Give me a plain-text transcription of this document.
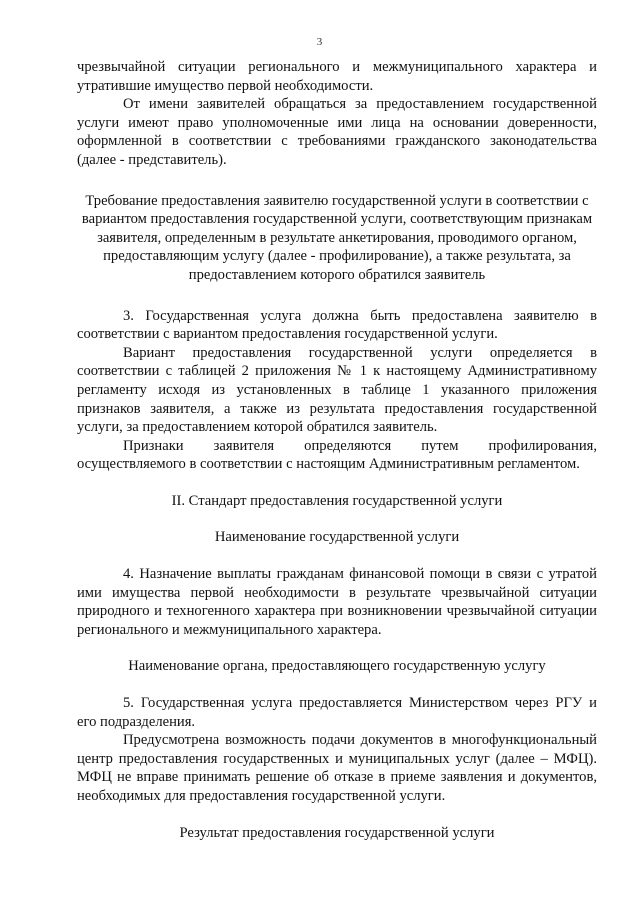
3

чрезвычайной ситуации регионального и межмуниципального характера и утратившие имущество первой необходимости.

От имени заявителей обращаться за предоставлением государственной услуги имеют право уполномоченные ими лица на основании доверенности, оформленной в соответствии с требованиями гражданского законодательства (далее - представитель).

Требование предоставления заявителю государственной услуги в соответствии с вариантом предоставления государственной услуги, соответствующим признакам заявителя, определенным в результате анкетирования, проводимого органом, предоставляющим услугу (далее - профилирование), а также результата, за предоставлением которого обратился заявитель

3. Государственная услуга должна быть предоставлена заявителю в соответствии с вариантом предоставления государственной услуги.

Вариант предоставления государственной услуги определяется в соответствии с таблицей 2 приложения № 1 к настоящему Административному регламенту исходя из установленных в таблице 1 указанного приложения признаков заявителя, а также из результата предоставления государственной услуги, за предоставлением которой обратился заявитель.

Признаки заявителя определяются путем профилирования, осуществляемого в соответствии с настоящим Административным регламентом.

II. Стандарт предоставления государственной услуги

Наименование государственной услуги

4. Назначение выплаты гражданам финансовой помощи в связи с утратой ими имущества первой необходимости в результате чрезвычайной ситуации природного и техногенного характера при возникновении чрезвычайной ситуации регионального и межмуниципального характера.

Наименование органа, предоставляющего государственную услугу

5. Государственная услуга предоставляется Министерством через РГУ и его подразделения.

Предусмотрена возможность подачи документов в многофункциональный центр предоставления государственных и муниципальных услуг (далее – МФЦ). МФЦ не вправе принимать решение об отказе в приеме заявления и документов, необходимых для предоставления государственной услуги.

Результат предоставления государственной услуги
